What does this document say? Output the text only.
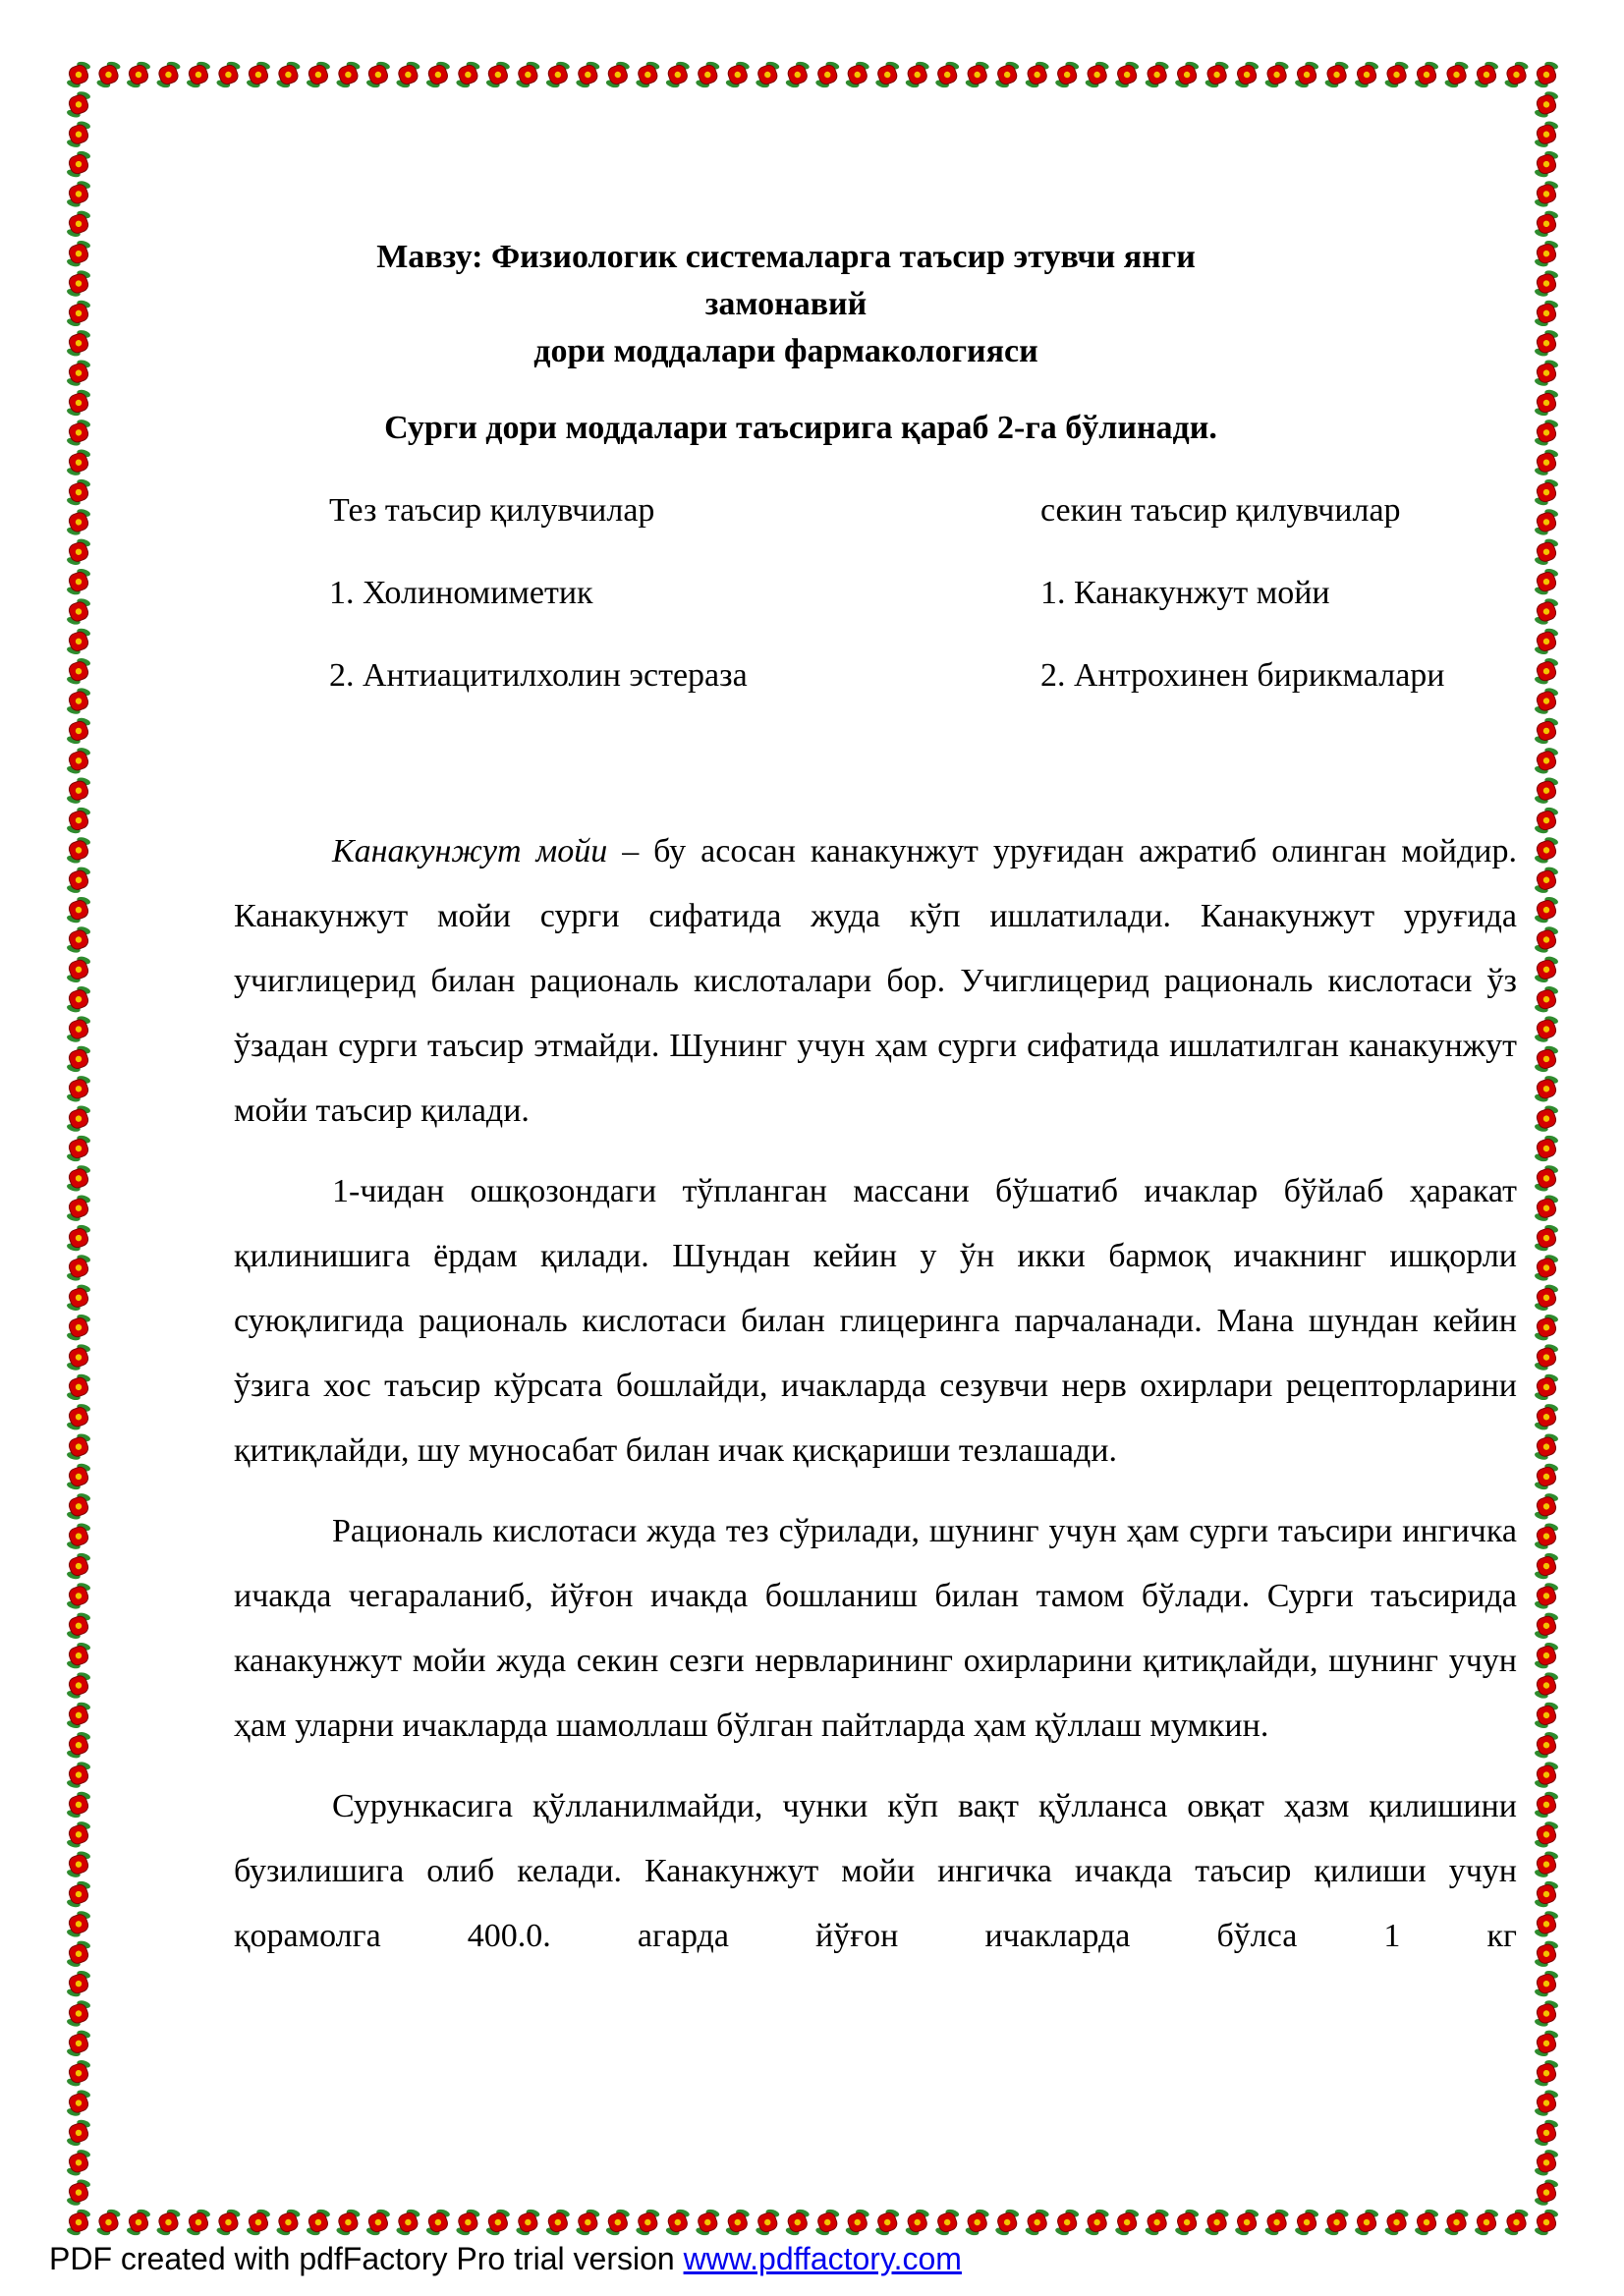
Мавзу: Физиологик системаларга таъсир этувчи янги замонавий
дори моддалари фармакологияси

Сурги дори моддалари таъсирига қараб 2-га бўлинади.

Тез таъсир қилувчилар	секин таъсир қилувчилар
1. Холиномиметик	1. Канакунжут мойи
2. Антиацитилхолин эстераза	2. Антрохинен бирикмалари

Канакунжут мойи – бу асосан канакунжут уруғидан ажратиб олинган мойдир. Канакунжут мойи сурги сифатида жуда кўп ишлатилади. Канакунжут уруғида учиглицерид билан рациональ кислоталари бор. Учиглицерид рациональ кислотаси ўз ўзадан сурги таъсир этмайди. Шунинг учун ҳам сурги сифатида ишлатилган канакунжут мойи таъсир қилади.

1-чидан ошқозондаги тўпланган массани бўшатиб ичаклар бўйлаб ҳаракат қилинишига ёрдам қилади. Шундан кейин у ўн икки бармоқ ичакнинг ишқорли суюқлигида рациональ кислотаси билан глицеринга парчаланади. Мана шундан кейин ўзига хос таъсир кўрсата бошлайди, ичакларда сезувчи нерв охирлари рецепторларини қитиқлайди, шу муносабат билан ичак қисқариши тезлашади.

Рациональ кислотаси жуда тез сўрилади, шунинг учун ҳам сурги таъсири ингичка ичакда чегараланиб, йўғон ичакда бошланиш билан тамом бўлади. Сурги таъсирида канакунжут мойи жуда секин сезги нервларининг охирларини қитиқлайди, шунинг учун ҳам уларни ичакларда шамоллаш бўлган пайтларда ҳам қўллаш мумкин.

Сурункасига қўлланилмайди, чунки кўп вақт қўлланса овқат ҳазм қилишини бузилишига олиб келади. Канакунжут мойи ингичка ичакда таъсир қилиши учун қорамолга 400.0. агарда йўғон ичакларда бўлса 1 кг

PDF created with pdfFactory Pro trial version www.pdffactory.com
